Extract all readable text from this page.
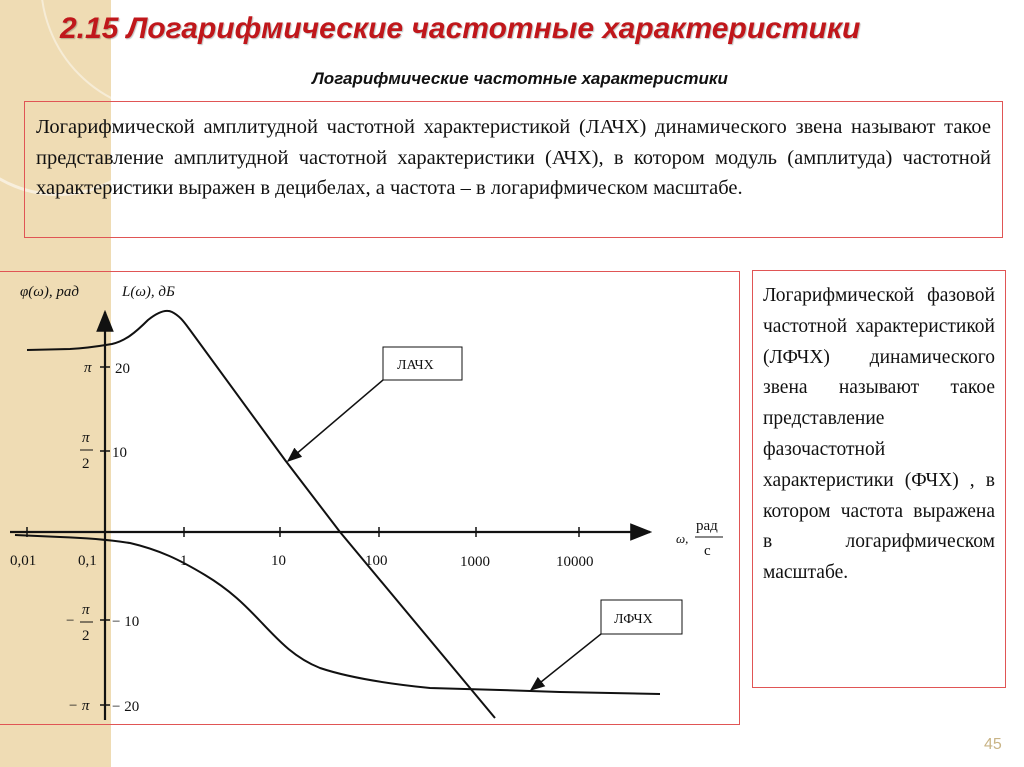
2.15 Логарифмические частотные характеристики
Логарифмические частотные характеристики
Логарифмической амплитудной частотной характеристикой (ЛАЧХ) динамического звена называют такое представление амплитудной частотной характеристики (АЧХ), в котором модуль (амплитуда) частотной характеристики выражен в децибелах, а частота – в логарифмическом масштабе.
0,01	0,1	1	10	100	1000	10000
20
10
− 10
− 20
π
π
2
−
π
2
− π
φ(ω), рад	L(ω), дБ
ω,
рад
с
ЛАЧХ
ЛФЧХ
Логарифмической фазовой частотной характеристикой (ЛФЧХ) динамического звена называют такое представление фазочастотной характеристики (ФЧХ) , в котором частота выражена в логарифмическом масштабе.
45
